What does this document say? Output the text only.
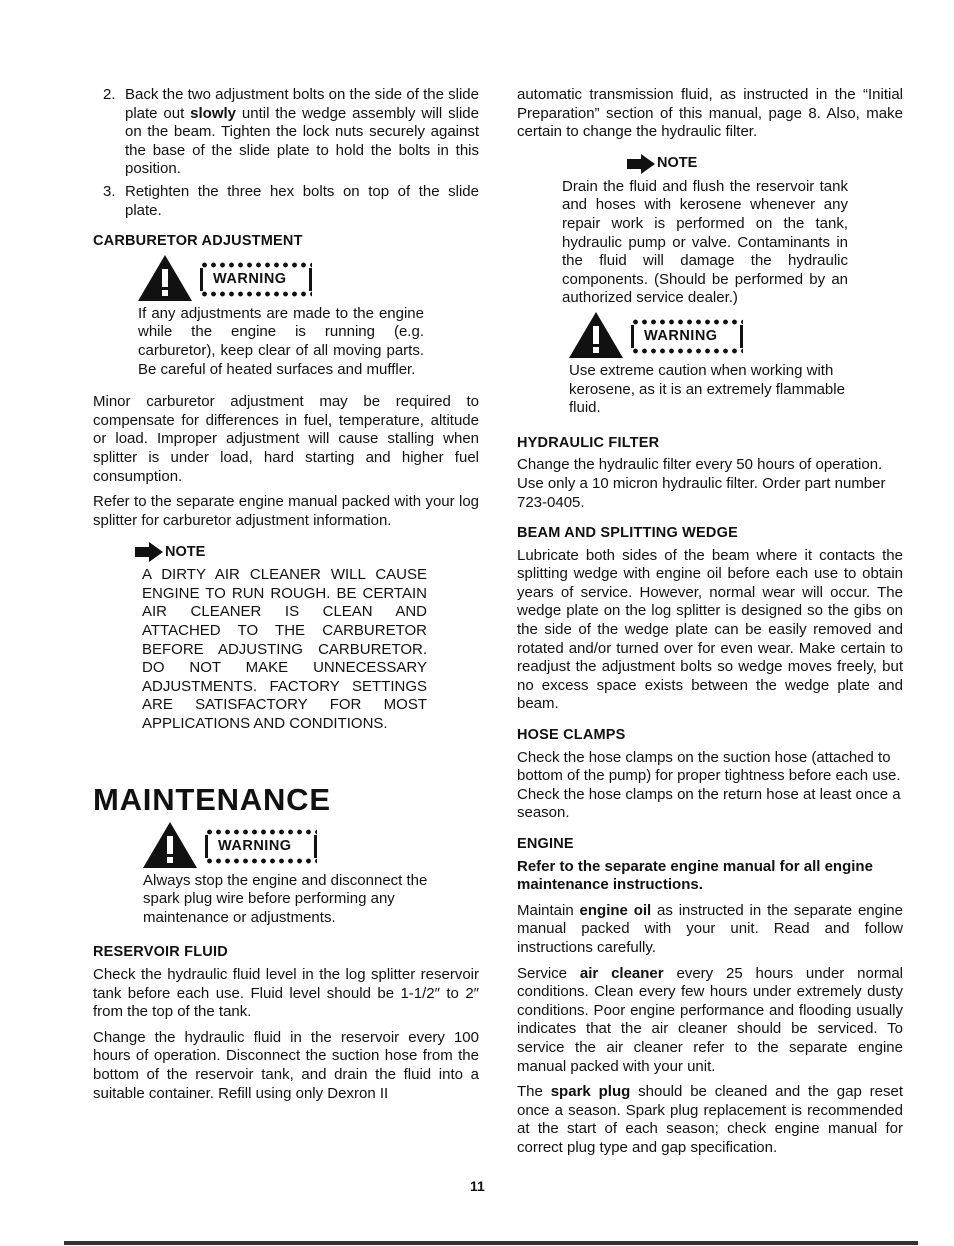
2. Back the two adjustment bolts on the side of the slide plate out slowly until the wedge assembly will slide on the beam. Tighten the lock nuts securely against the base of the slide plate to hold the bolts in this position.
3. Retighten the three hex bolts on top of the slide plate.
CARBURETOR ADJUSTMENT
WARNING

If any adjustments are made to the engine while the engine is running (e.g. carburetor), keep clear of all moving parts. Be careful of heated surfaces and muffler.

Minor carburetor adjustment may be required to compensate for differences in fuel, temperature, altitude or load. Improper adjustment will cause stalling when splitter is under load, hard starting and higher fuel consumption.

Refer to the separate engine manual packed with your log splitter for carburetor adjustment information.

NOTE

A DIRTY AIR CLEANER WILL CAUSE ENGINE TO RUN ROUGH. BE CERTAIN AIR CLEANER IS CLEAN AND ATTACHED TO THE CARBURETOR BEFORE ADJUSTING CARBURETOR. DO NOT MAKE UNNECESSARY ADJUSTMENTS. FACTORY SETTINGS ARE SATISFACTORY FOR MOST APPLICATIONS AND CONDITIONS.

MAINTENANCE
WARNING

Always stop the engine and disconnect the spark plug wire before performing any maintenance or adjustments.

RESERVOIR FLUID

Check the hydraulic fluid level in the log splitter reservoir tank before each use. Fluid level should be 1-1/2″ to 2″ from the top of the tank.

Change the hydraulic fluid in the reservoir every 100 hours of operation. Disconnect the suction hose from the bottom of the reservoir tank, and drain the fluid into a suitable container. Refill using only Dexron II

automatic transmission fluid, as instructed in the “Initial Preparation” section of this manual, page 8. Also, make certain to change the hydraulic filter.

NOTE

Drain the fluid and flush the reservoir tank and hoses with kerosene whenever any repair work is performed on the tank, hydraulic pump or valve. Contaminants in the fluid will damage the hydraulic components. (Should be performed by an authorized service dealer.)

WARNING

Use extreme caution when working with kerosene, as it is an extremely flammable fluid.

HYDRAULIC FILTER

Change the hydraulic filter every 50 hours of operation. Use only a 10 micron hydraulic filter. Order part number 723-0405.

BEAM AND SPLITTING WEDGE

Lubricate both sides of the beam where it contacts the splitting wedge with engine oil before each use to obtain years of service. However, normal wear will occur. The wedge plate on the log splitter is designed so the gibs on the side of the wedge plate can be easily removed and rotated and/or turned over for even wear. Make certain to readjust the adjustment bolts so wedge moves freely, but no excess space exists between the wedge plate and beam.

HOSE CLAMPS

Check the hose clamps on the suction hose (attached to bottom of the pump) for proper tightness before each use. Check the hose clamps on the return hose at least once a season.

ENGINE

Refer to the separate engine manual for all engine maintenance instructions.

Maintain engine oil as instructed in the separate engine manual packed with your unit. Read and follow instructions carefully.

Service air cleaner every 25 hours under normal conditions. Clean every few hours under extremely dusty conditions. Poor engine performance and flooding usually indicates that the air cleaner should be serviced. To service the air cleaner refer to the separate engine manual packed with your unit.

The spark plug should be cleaned and the gap reset once a season. Spark plug replacement is recommended at the start of each season; check engine manual for correct plug type and gap specification.

11
